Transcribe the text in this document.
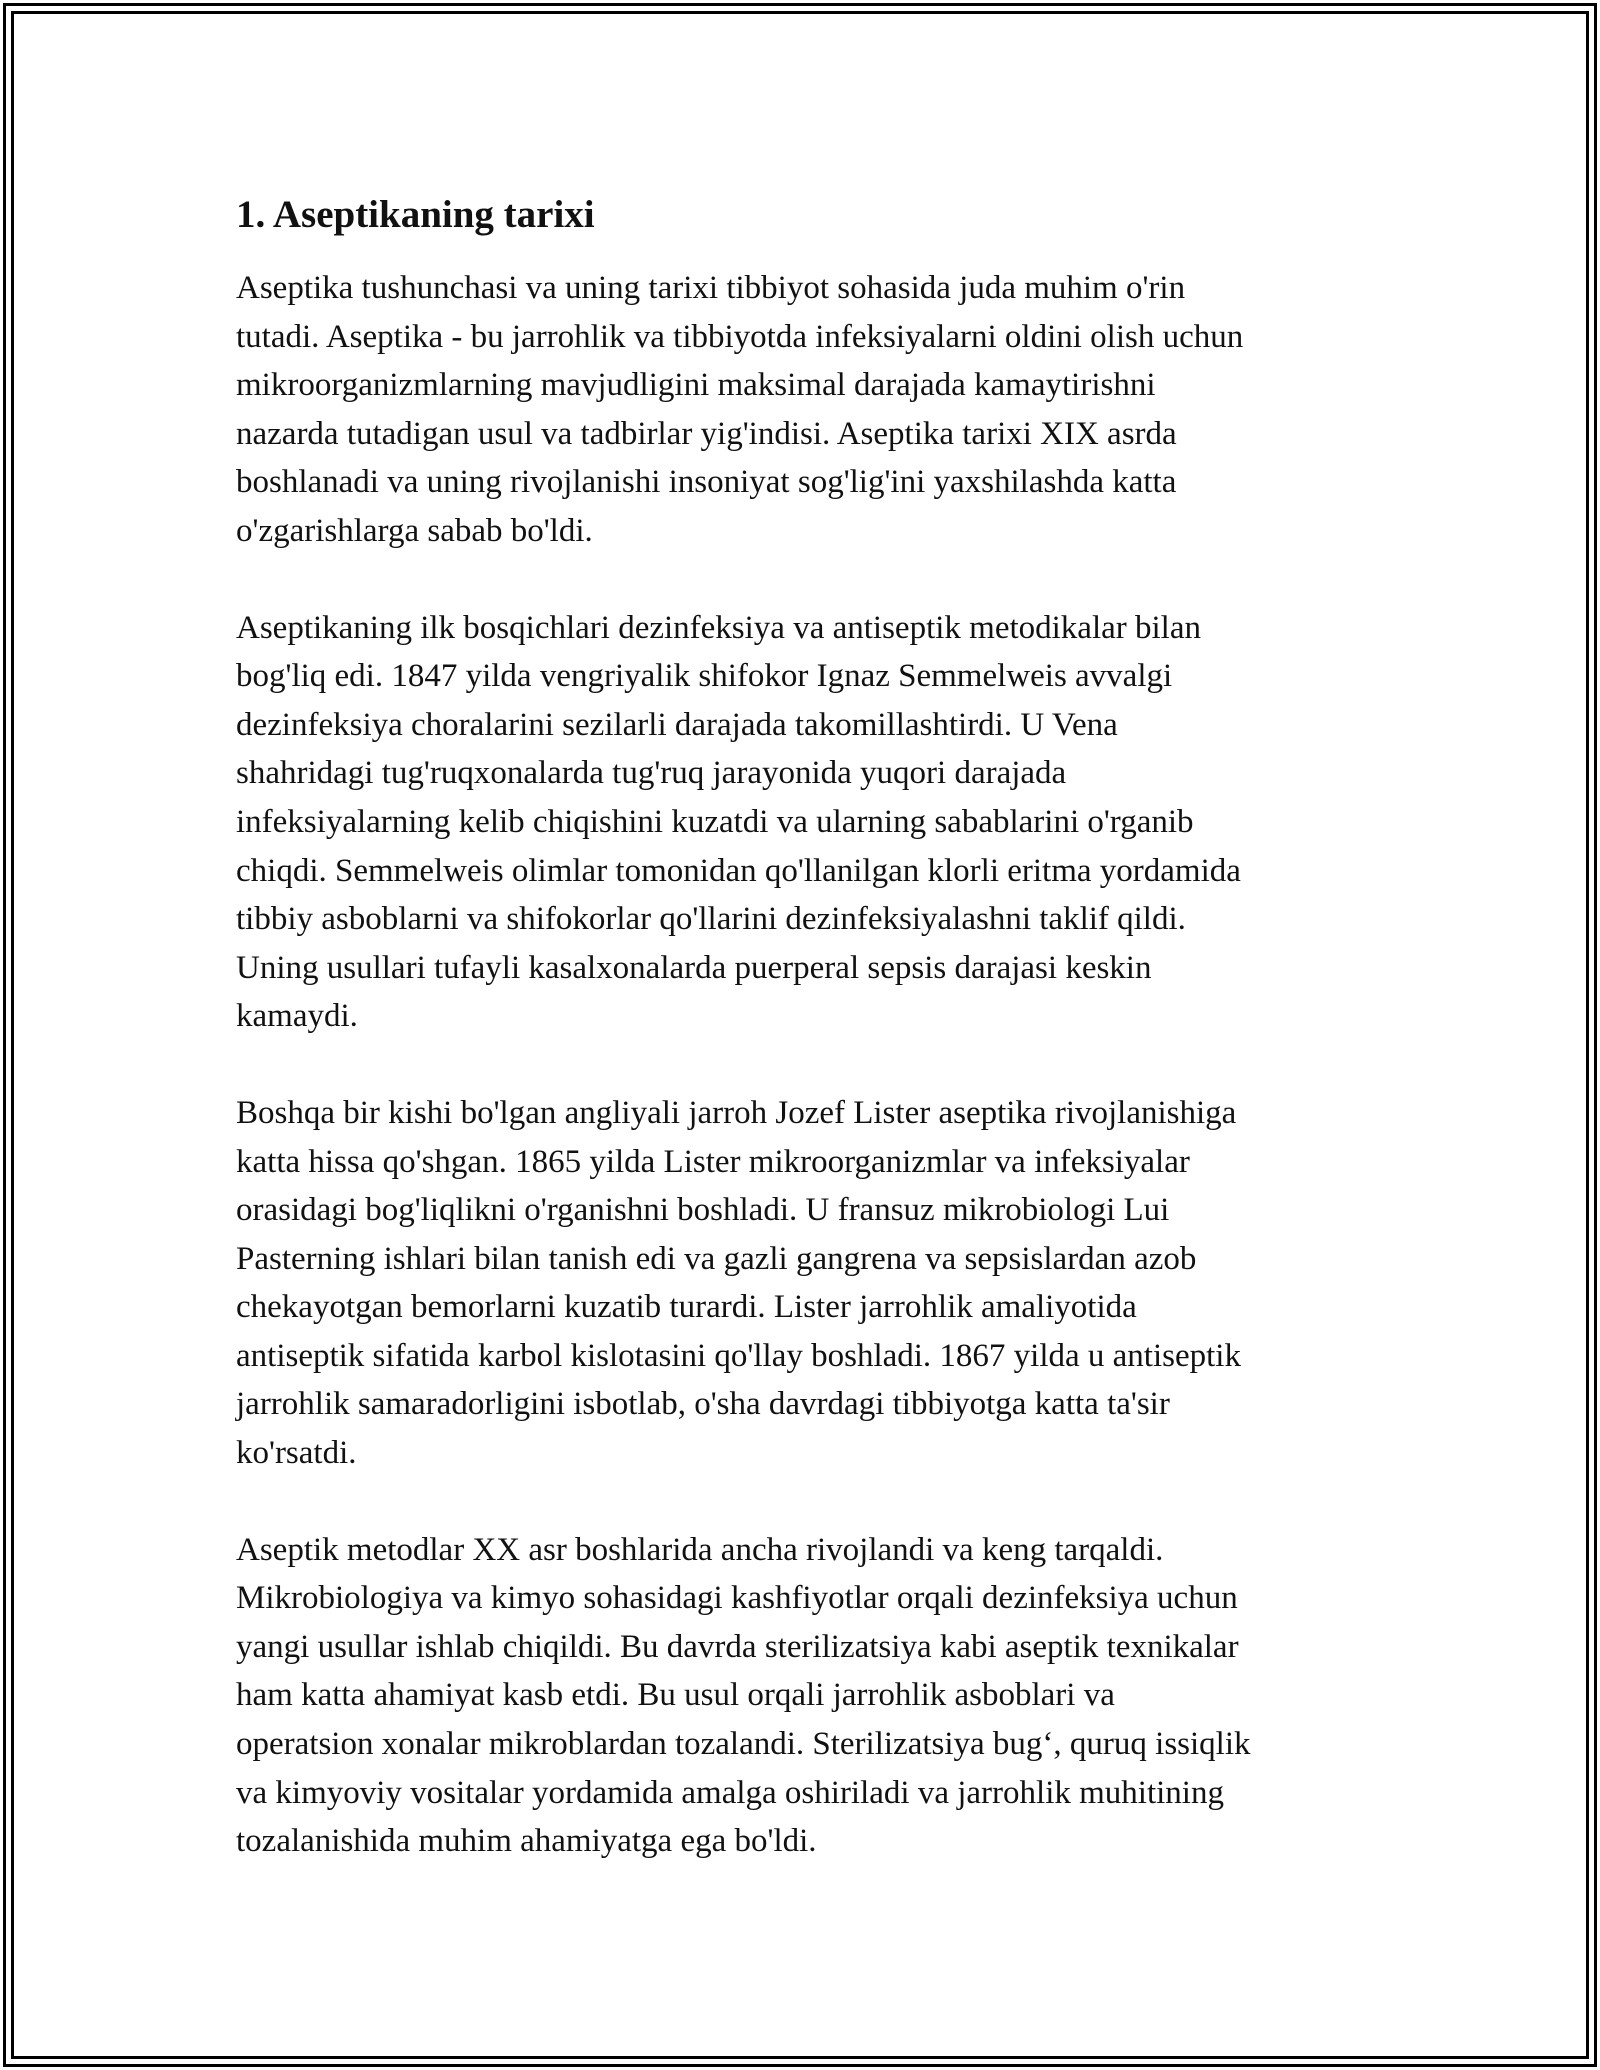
1. Aseptikaning tarixi

Aseptika tushunchasi va uning tarixi tibbiyot sohasida juda muhim o'rin
tutadi. Aseptika - bu jarrohlik va tibbiyotda infeksiyalarni oldini olish uchun
mikroorganizmlarning mavjudligini maksimal darajada kamaytirishni
nazarda tutadigan usul va tadbirlar yig'indisi. Aseptika tarixi XIX asrda
boshlanadi va uning rivojlanishi insoniyat sog'lig'ini yaxshilashda katta
o'zgarishlarga sabab bo'ldi.

Aseptikaning ilk bosqichlari dezinfeksiya va antiseptik metodikalar bilan
bog'liq edi. 1847 yilda vengriyalik shifokor Ignaz Semmelweis avvalgi
dezinfeksiya choralarini sezilarli darajada takomillashtirdi. U Vena
shahridagi tug'ruqxonalarda tug'ruq jarayonida yuqori darajada
infeksiyalarning kelib chiqishini kuzatdi va ularning sabablarini o'rganib
chiqdi. Semmelweis olimlar tomonidan qo'llanilgan klorli eritma yordamida
tibbiy asboblarni va shifokorlar qo'llarini dezinfeksiyalashni taklif qildi.
Uning usullari tufayli kasalxonalarda puerperal sepsis darajasi keskin
kamaydi.

Boshqa bir kishi bo'lgan angliyali jarroh Jozef Lister aseptika rivojlanishiga
katta hissa qo'shgan. 1865 yilda Lister mikroorganizmlar va infeksiyalar
orasidagi bog'liqlikni o'rganishni boshladi. U fransuz mikrobiologi Lui
Pasterning ishlari bilan tanish edi va gazli gangrena va sepsislardan azob
chekayotgan bemorlarni kuzatib turardi. Lister jarrohlik amaliyotida
antiseptik sifatida karbol kislotasini qo'llay boshladi. 1867 yilda u antiseptik
jarrohlik samaradorligini isbotlab, o'sha davrdagi tibbiyotga katta ta'sir
ko'rsatdi.

Aseptik metodlar XX asr boshlarida ancha rivojlandi va keng tarqaldi.
Mikrobiologiya va kimyo sohasidagi kashfiyotlar orqali dezinfeksiya uchun
yangi usullar ishlab chiqildi. Bu davrda sterilizatsiya kabi aseptik texnikalar
ham katta ahamiyat kasb etdi. Bu usul orqali jarrohlik asboblari va
operatsion xonalar mikroblardan tozalandi. Sterilizatsiya bug‘, quruq issiqlik
va kimyoviy vositalar yordamida amalga oshiriladi va jarrohlik muhitining
tozalanishida muhim ahamiyatga ega bo'ldi.
